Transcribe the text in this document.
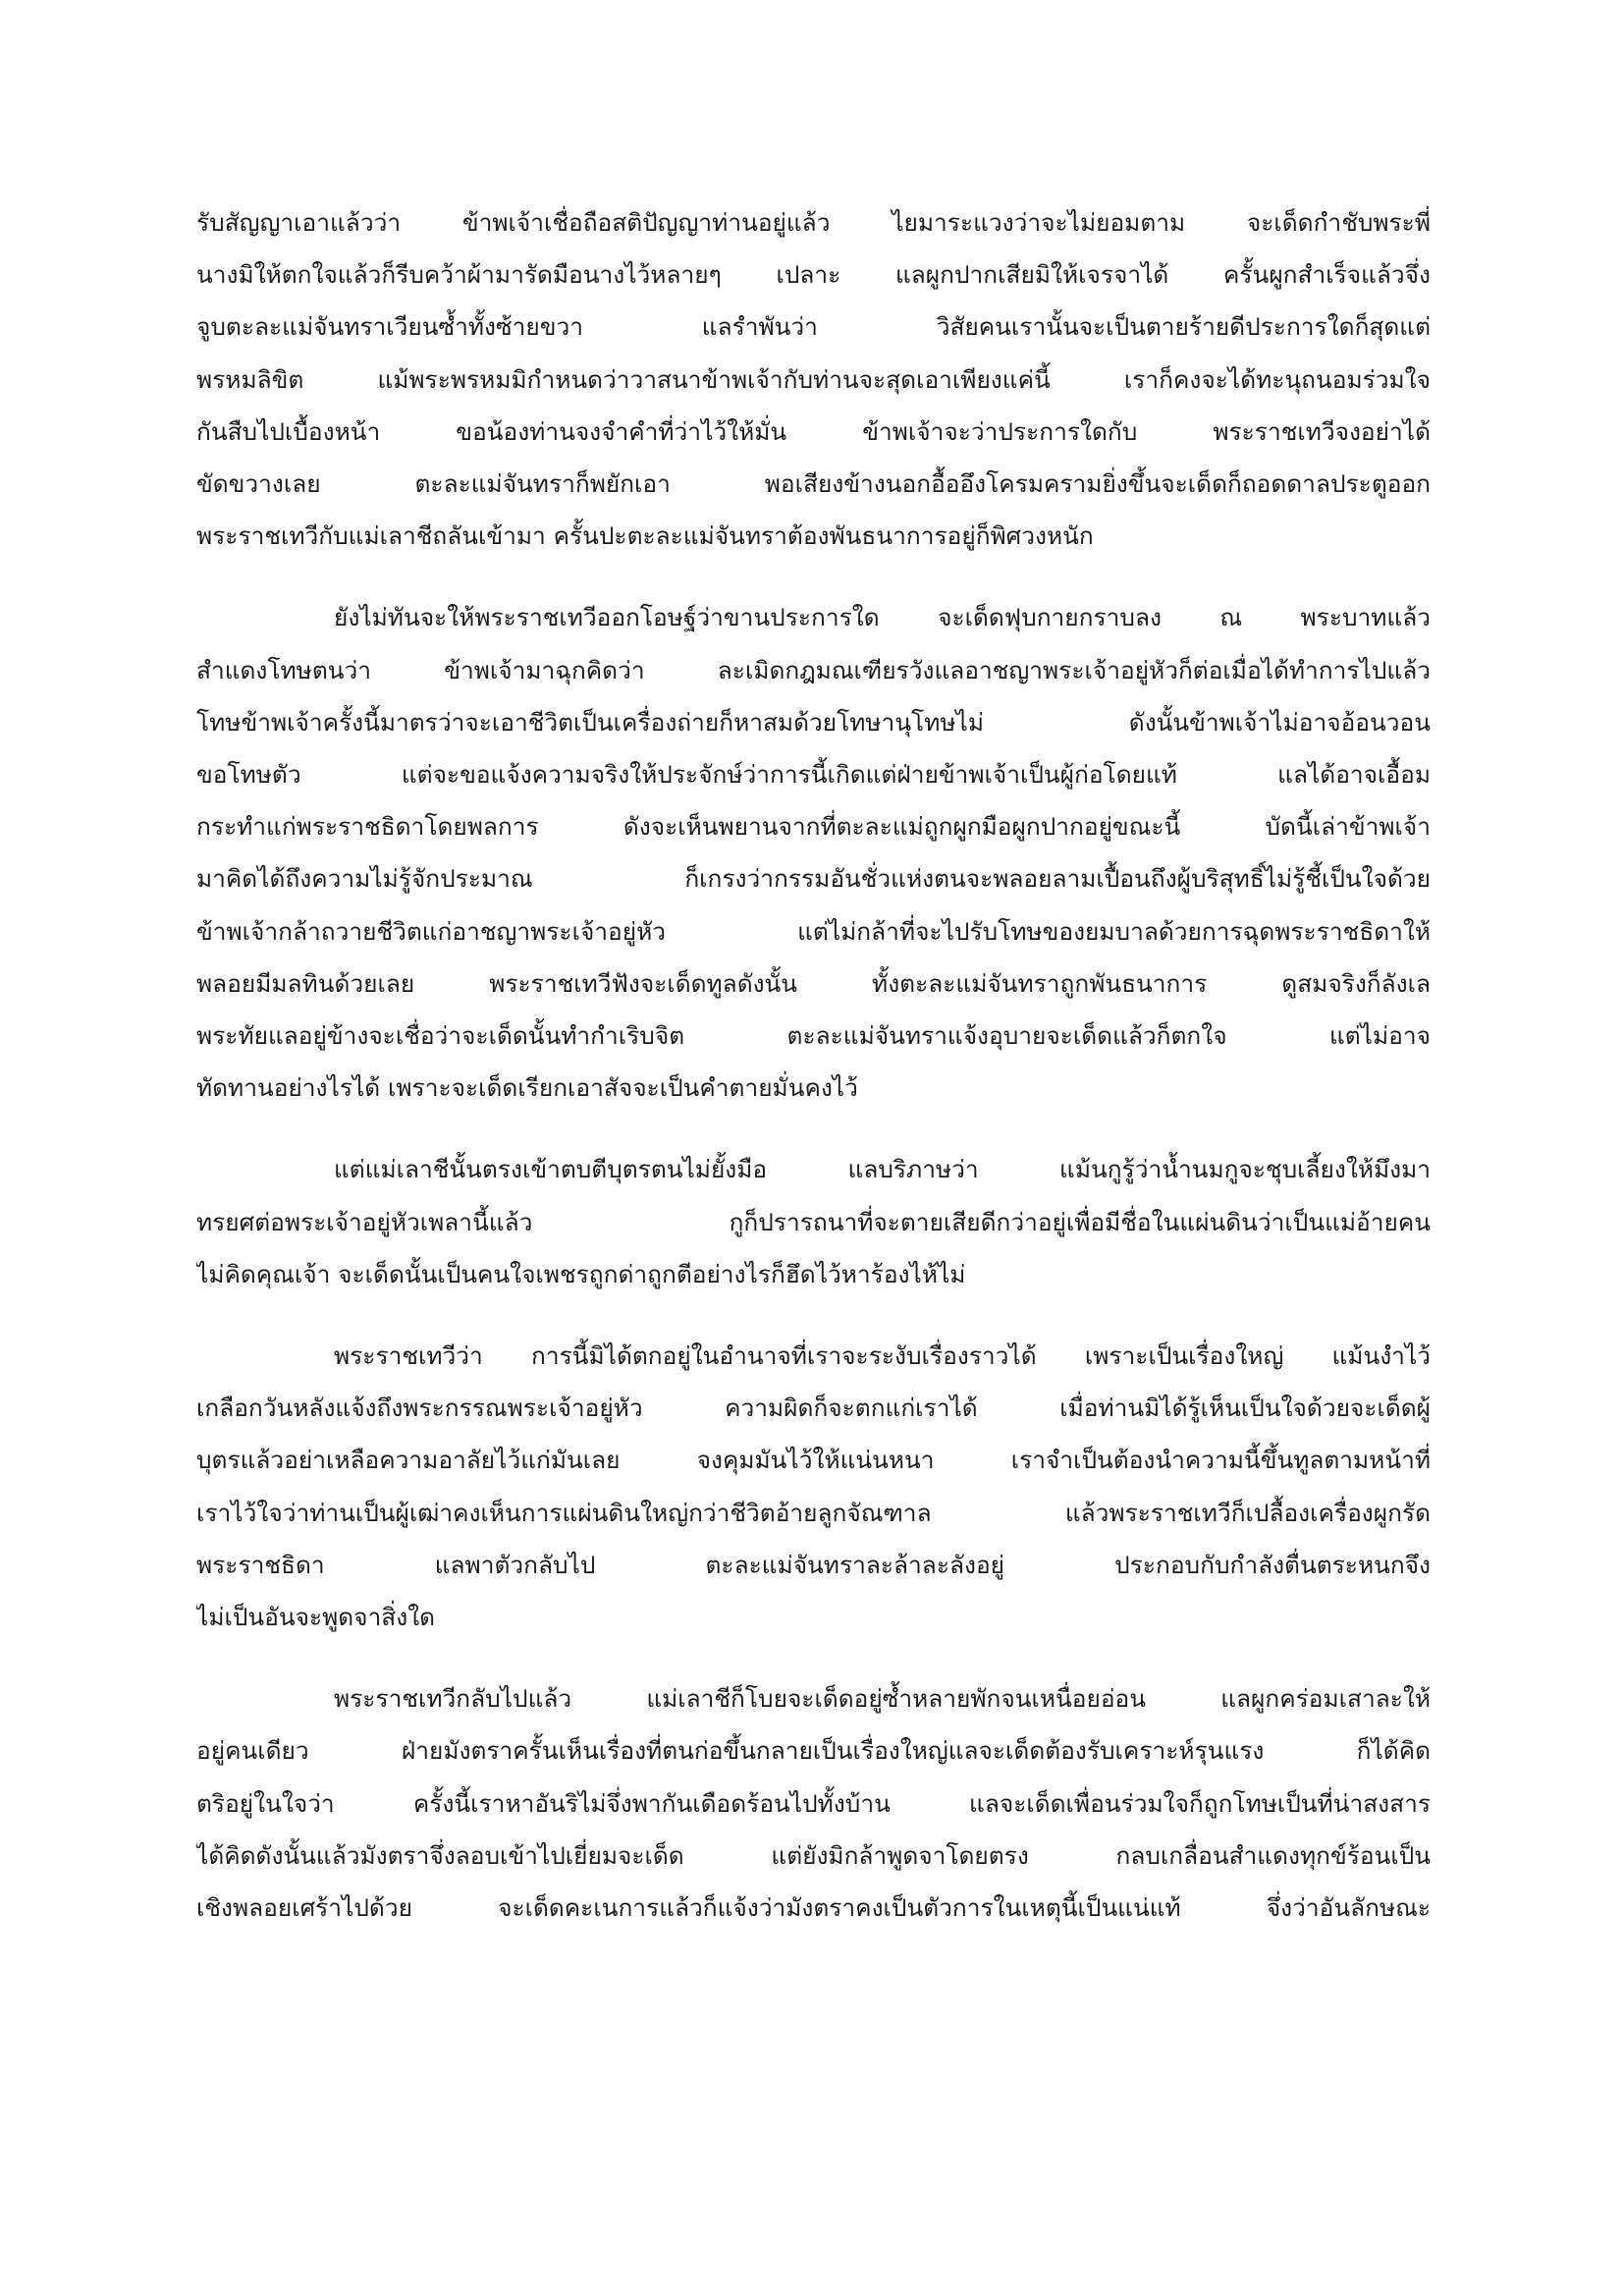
รับสัญญาเอาแล้วว่า ข้าพเจ้าเชื่อถือสติปัญญาท่านอยู่แล้ว ไยมาระแวงว่าจะไม่ยอมตาม จะเด็ดกำชับพระพี่
นางมิให้ตกใจแล้วก็รีบคว้าผ้ามารัดมือนางไว้หลายๆ เปลาะ แลผูกปากเสียมิให้เจรจาได้ ครั้นผูกสำเร็จแล้วจึ่ง
จูบตะละแม่จันทราเวียนซ้ำทั้งซ้ายขวา แลรำพันว่า วิสัยคนเรานั้นจะเป็นตายร้ายดีประการใดก็สุดแต่
พรหมลิขิต แม้พระพรหมมิกำหนดว่าวาสนาข้าพเจ้ากับท่านจะสุดเอาเพียงแค่นี้ เราก็คงจะได้ทะนุถนอมร่วมใจ
กันสืบไปเบื้องหน้า ขอน้องท่านจงจำคำที่ว่าไว้ให้มั่น ข้าพเจ้าจะว่าประการใดกับ พระราชเทวีจงอย่าได้
ขัดขวางเลย ตะละแม่จันทราก็พยักเอา พอเสียงข้างนอกอื้ออึงโครมครามยิ่งขึ้นจะเด็ดก็ถอดดาลประตูออก
พระราชเทวีกับแม่เลาชีถลันเข้ามา ครั้นปะตะละแม่จันทราต้องพันธนาการอยู่ก็พิศวงหนัก

ยังไม่ทันจะให้พระราชเทวีออกโอษฐ์ว่าขานประการใด จะเด็ดฟุบกายกราบลง ณ พระบาทแล้ว
สำแดงโทษตนว่า ข้าพเจ้ามาฉุกคิดว่า ละเมิดกฎมณเฑียรวังแลอาชญาพระเจ้าอยู่หัวก็ต่อเมื่อได้ทำการไปแล้ว
โทษข้าพเจ้าครั้งนี้มาตรว่าจะเอาชีวิตเป็นเครื่องถ่ายก็หาสมด้วยโทษานุโทษไม่ ดังนั้นข้าพเจ้าไม่อาจอ้อนวอน
ขอโทษตัว แต่จะขอแจ้งความจริงให้ประจักษ์ว่าการนี้เกิดแต่ฝ่ายข้าพเจ้าเป็นผู้ก่อโดยแท้ แลได้อาจเอื้อม
กระทำแก่พระราชธิดาโดยพลการ ดังจะเห็นพยานจากที่ตะละแม่ถูกผูกมือผูกปากอยู่ขณะนี้ บัดนี้เล่าข้าพเจ้า
มาคิดได้ถึงความไม่รู้จักประมาณ ก็เกรงว่ากรรมอันชั่วแห่งตนจะพลอยลามเปื้อนถึงผู้บริสุทธิ์ไม่รู้ชี้เป็นใจด้วย
ข้าพเจ้ากล้าถวายชีวิตแก่อาชญาพระเจ้าอยู่หัว แต่ไม่กล้าที่จะไปรับโทษของยมบาลด้วยการฉุดพระราชธิดาให้
พลอยมีมลทินด้วยเลย พระราชเทวีฟังจะเด็ดทูลดังนั้น ทั้งตะละแม่จันทราถูกพันธนาการ ดูสมจริงก็ลังเล
พระทัยแลอยู่ข้างจะเชื่อว่าจะเด็ดนั้นทำกำเริบจิต ตะละแม่จันทราแจ้งอุบายจะเด็ดแล้วก็ตกใจ แต่ไม่อาจ
ทัดทานอย่างไรได้ เพราะจะเด็ดเรียกเอาสัจจะเป็นคำตายมั่นคงไว้

แต่แม่เลาชีนั้นตรงเข้าตบตีบุตรตนไม่ยั้งมือ แลบริภาษว่า แม้นกูรู้ว่าน้ำนมกูจะชุบเลี้ยงให้มึงมา
ทรยศต่อพระเจ้าอยู่หัวเพลานี้แล้ว กูก็ปรารถนาที่จะตายเสียดีกว่าอยู่เพื่อมีชื่อในแผ่นดินว่าเป็นแม่อ้ายคน
ไม่คิดคุณเจ้า จะเด็ดนั้นเป็นคนใจเพชรถูกด่าถูกตีอย่างไรก็ฮึดไว้หาร้องไห้ไม่

พระราชเทวีว่า การนี้มิได้ตกอยู่ในอำนาจที่เราจะระงับเรื่องราวได้ เพราะเป็นเรื่องใหญ่ แม้นงำไว้
เกลือกวันหลังแจ้งถึงพระกรรณพระเจ้าอยู่หัว ความผิดก็จะตกแก่เราได้ เมื่อท่านมิได้รู้เห็นเป็นใจด้วยจะเด็ดผู้
บุตรแล้วอย่าเหลือความอาลัยไว้แก่มันเลย จงคุมมันไว้ให้แน่นหนา เราจำเป็นต้องนำความนี้ขึ้นทูลตามหน้าที่
เราไว้ใจว่าท่านเป็นผู้เฒ่าคงเห็นการแผ่นดินใหญ่กว่าชีวิตอ้ายลูกจัณฑาล แล้วพระราชเทวีก็เปลื้องเครื่องผูกรัด
พระราชธิดา แลพาตัวกลับไป ตะละแม่จันทราละล้าละลังอยู่ ประกอบกับกำลังตื่นตระหนกจึง
ไม่เป็นอันจะพูดจาสิ่งใด

พระราชเทวีกลับไปแล้ว แม่เลาชีก็โบยจะเด็ดอยู่ซ้ำหลายพักจนเหนื่อยอ่อน แลผูกคร่อมเสาละให้
อยู่คนเดียว ฝ่ายมังตราครั้นเห็นเรื่องที่ตนก่อขึ้นกลายเป็นเรื่องใหญ่แลจะเด็ดต้องรับเคราะห์รุนแรง ก็ได้คิด
ตริอยู่ในใจว่า ครั้งนี้เราหาอันริไม่จึ่งพากันเดือดร้อนไปทั้งบ้าน แลจะเด็ดเพื่อนร่วมใจก็ถูกโทษเป็นที่น่าสงสาร
ได้คิดดังนั้นแล้วมังตราจึ่งลอบเข้าไปเยี่ยมจะเด็ด แต่ยังมิกล้าพูดจาโดยตรง กลบเกลื่อนสำแดงทุกข์ร้อนเป็น
เชิงพลอยเศร้าไปด้วย จะเด็ดคะเนการแล้วก็แจ้งว่ามังตราคงเป็นตัวการในเหตุนี้เป็นแน่แท้ จึ่งว่าอันลักษณะ
